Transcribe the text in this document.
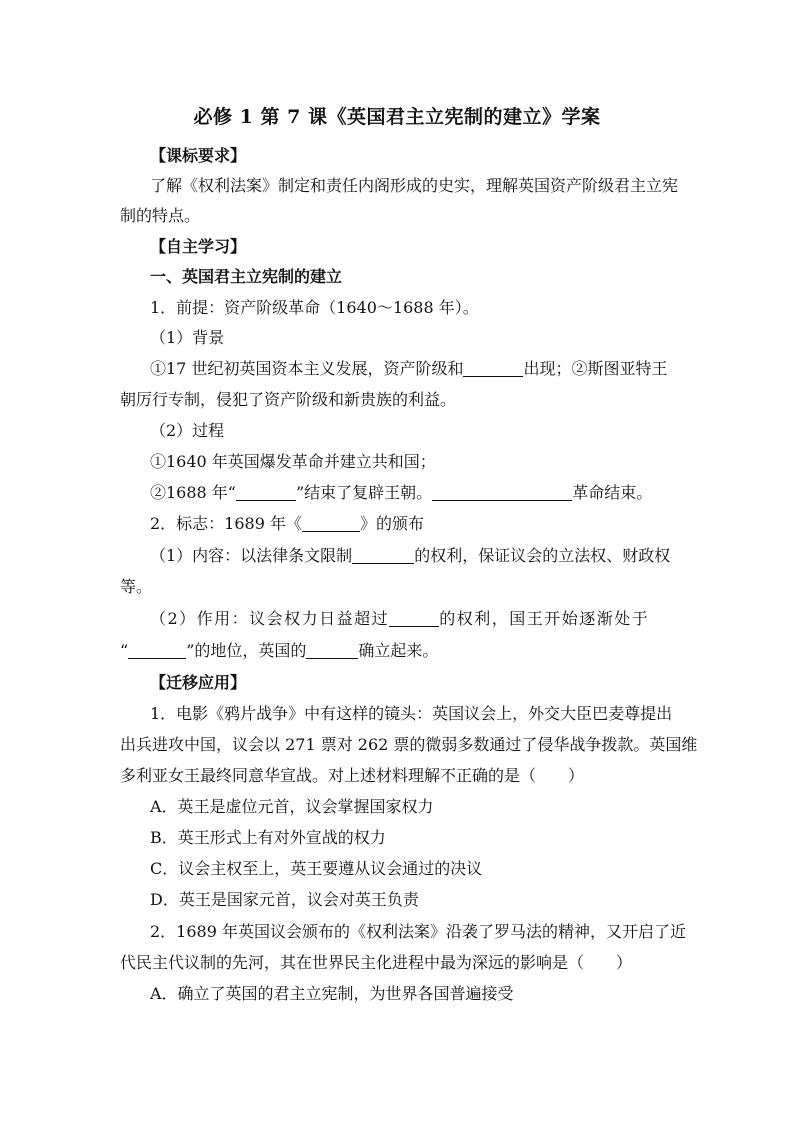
必修 1 第 7 课《英国君主立宪制的建立》学案
【课标要求】
了解《权利法案》制定和责任内阁形成的史实，理解英国资产阶级君主立宪
制的特点。
【自主学习】
一、英国君主立宪制的建立
1．前提：资产阶级革命（1640～1688 年）。
（1）背景
①17 世纪初英国资本主义发展，资产阶级和	出现；②斯图亚特王
朝厉行专制，侵犯了资产阶级和新贵族的利益。
（2）过程
①1640 年英国爆发革命并建立共和国；
②1688 年“	”结束了复辟王朝。	革命结束。
2．标志：1689 年《	》的颁布
（1）内容：以法律条文限制	的权利，保证议会的立法权、财政权
等。
（2）作用：议会权力日益超过	的权利，国王开始逐渐处于
“	”的地位，英国的	确立起来。
【迁移应用】
1．电影《鸦片战争》中有这样的镜头：英国议会上，外交大臣巴麦尊提出
出兵进攻中国，议会以 271 票对 262 票的微弱多数通过了侵华战争拨款。英国维
多利亚女王最终同意华宣战。对上述材料理解不正确的是（　　）
A．英王是虚位元首，议会掌握国家权力
B．英王形式上有对外宣战的权力
C．议会主权至上，英王要遵从议会通过的决议
D．英王是国家元首，议会对英王负责
2．1689 年英国议会颁布的《权利法案》沿袭了罗马法的精神，又开启了近
代民主代议制的先河，其在世界民主化进程中最为深远的影响是（　　）
A．确立了英国的君主立宪制，为世界各国普遍接受
